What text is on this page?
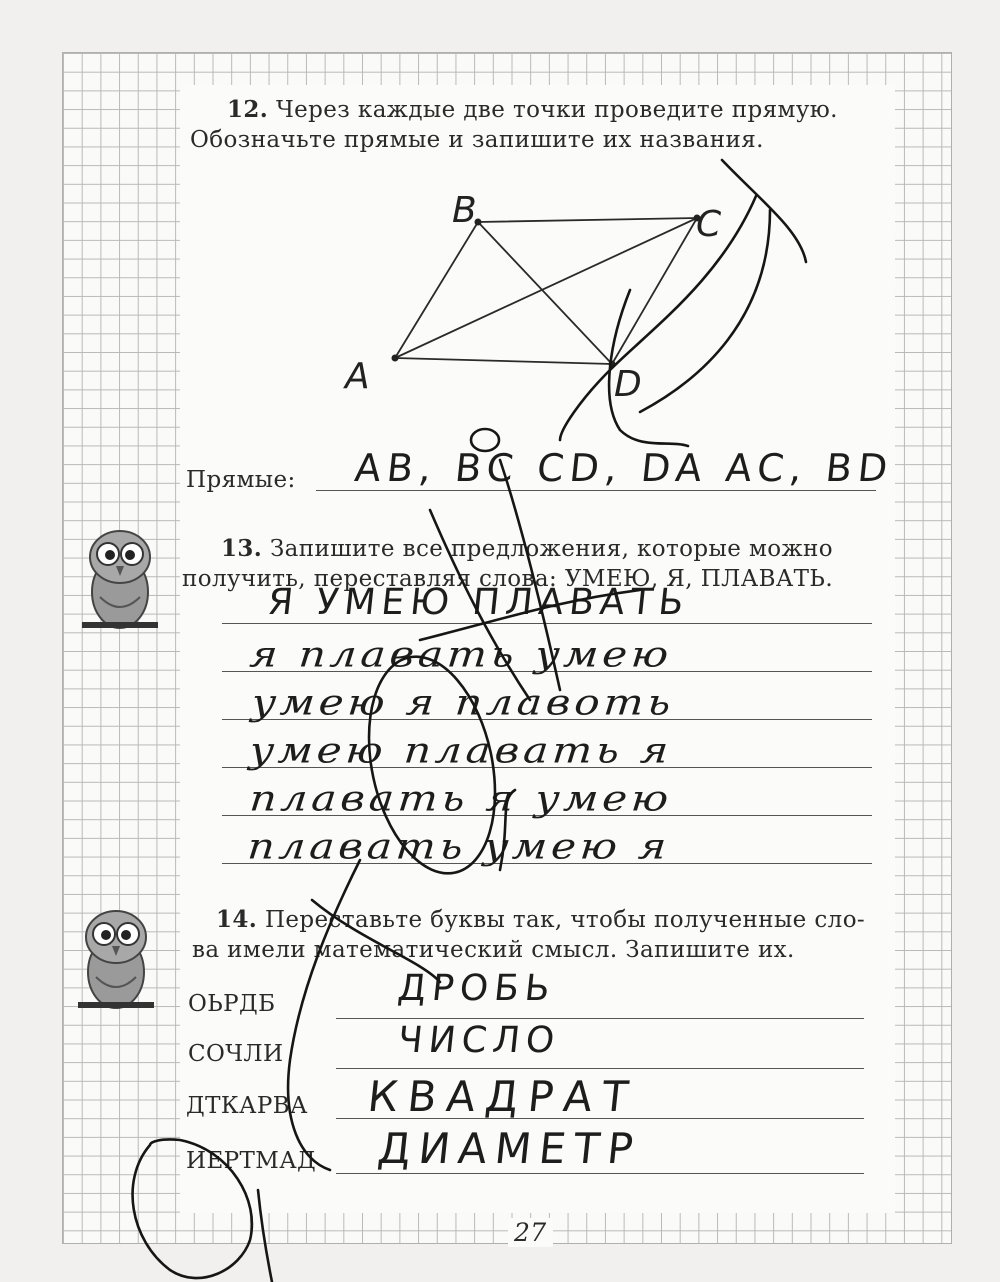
12. Через каждые две точки проведите прямую.
Обозначьте прямые и запишите их названия.
A
B	C
D
Прямые: AB, BC CD, DA AC, BD
13. Запишите все предложения, которые можно
получить, переставляя слова: УМЕЮ, Я, ПЛАВАТЬ.
Я УМЕЮ ПЛАВАТЬ
я плавать умею
умею я плавоть
умею плавать я
плавать я умею
плавать умею я
14. Переставьте буквы так, чтобы полученные сло-
ва имели математический смысл. Запишите их.
ОЬРДБ
СОЧЛИ
ДТКАРВА
ИЕРТМАД
ДРОБЬ
ЧИСЛО
КВАДРАТ
ДИАМЕТР
27
